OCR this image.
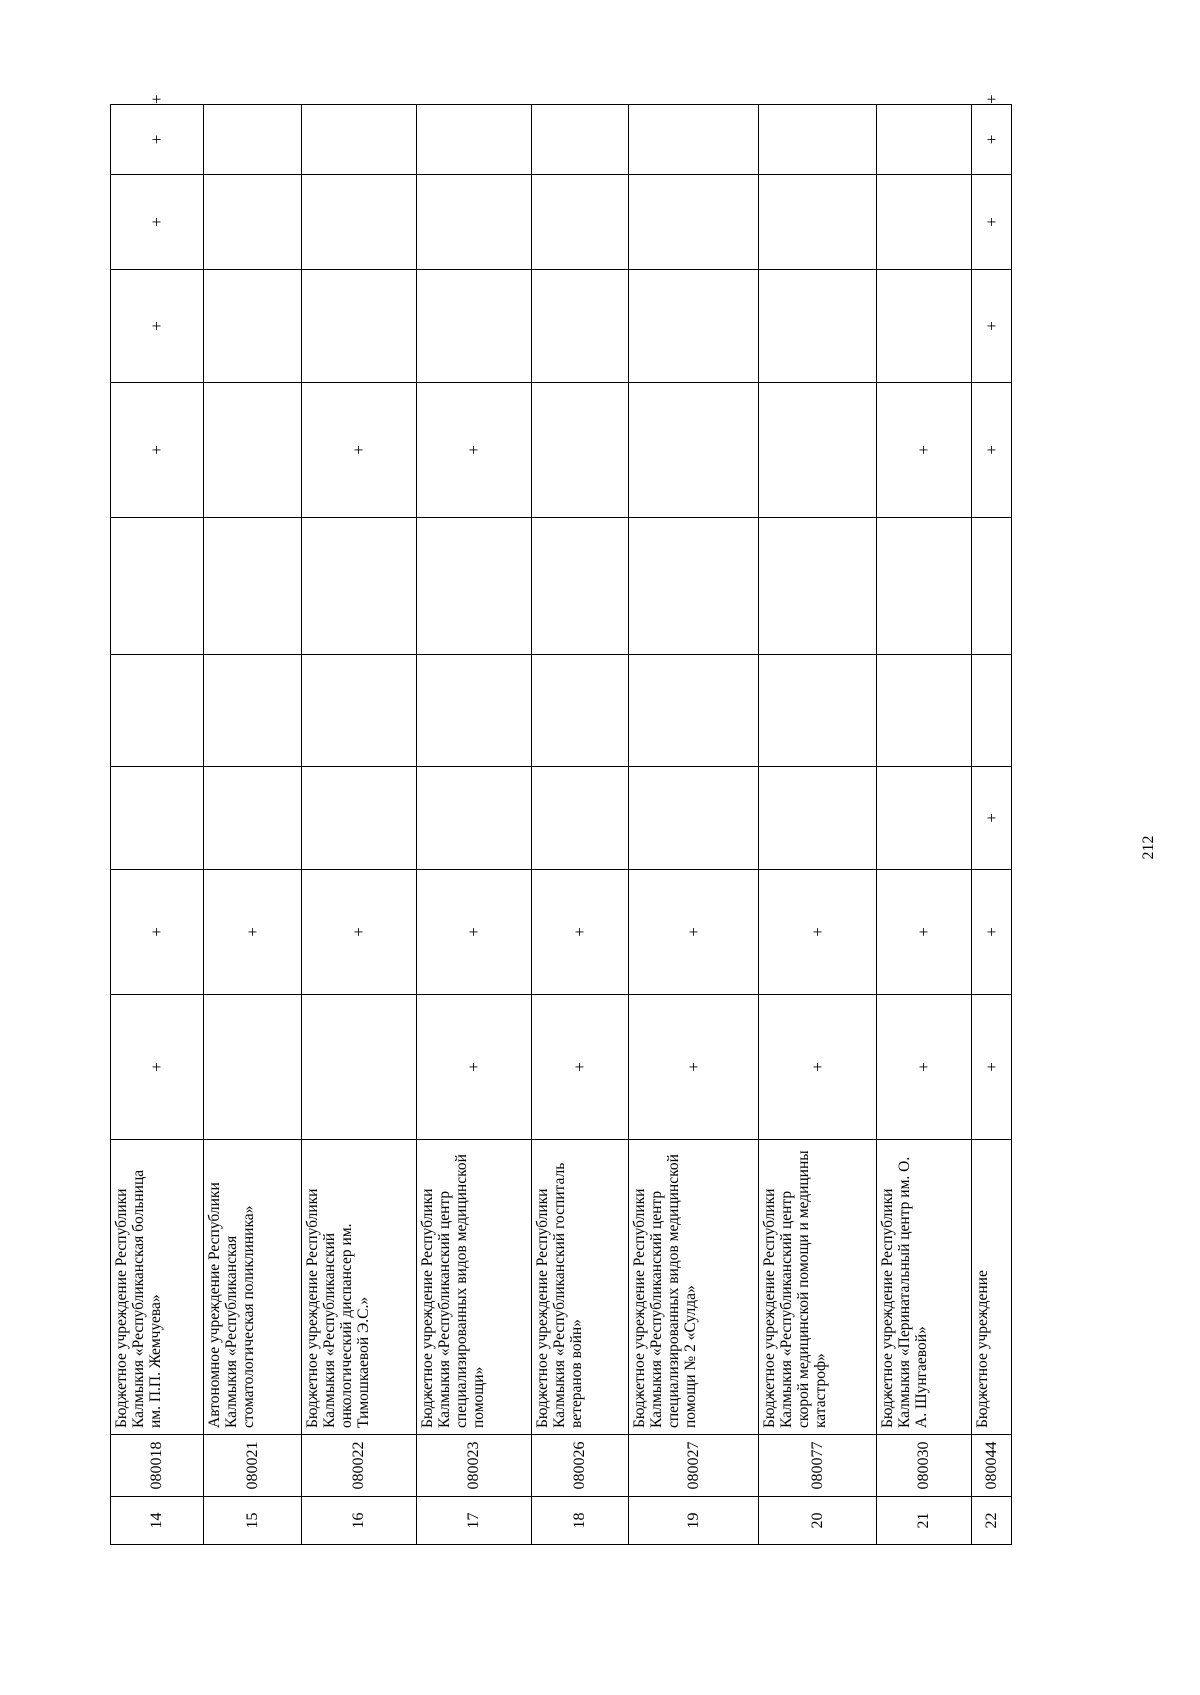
14	080018	Бюджетное учреждение Республики Калмыкия «Республиканская больница им. П.П. Жемчуева»	+	+				+	+	+	+	+
15	080021	Автономное учреждение Республики Калмыкия «Республиканская стоматологическая поликлиника»		+								
16	080022	Бюджетное учреждение Республики Калмыкия «Республиканский онкологический диспансер им. Тимошкаевой Э.С.»		+				+				
17	080023	Бюджетное учреждение Республики Калмыкия «Республиканский центр специализированных видов медицинской помощи»	+	+				+				
18	080026	Бюджетное учреждение Республики Калмыкия «Республиканский госпиталь ветеранов войн»	+	+								
19	080027	Бюджетное учреждение Республики Калмыкия «Республиканский центр специализированных видов медицинской помощи № 2 «Сулда»	+	+								
20	080077	Бюджетное учреждение Республики Калмыкия «Республиканский центр скорой медицинской помощи и медицины катастроф»	+	+								
21	080030	Бюджетное учреждение Республики Калмыкия «Перинатальный центр им. О. А. Шунгаевой»	+	+				+				
22	080044	Бюджетное учреждение	+	+	+			+	+	+	+	+
212
